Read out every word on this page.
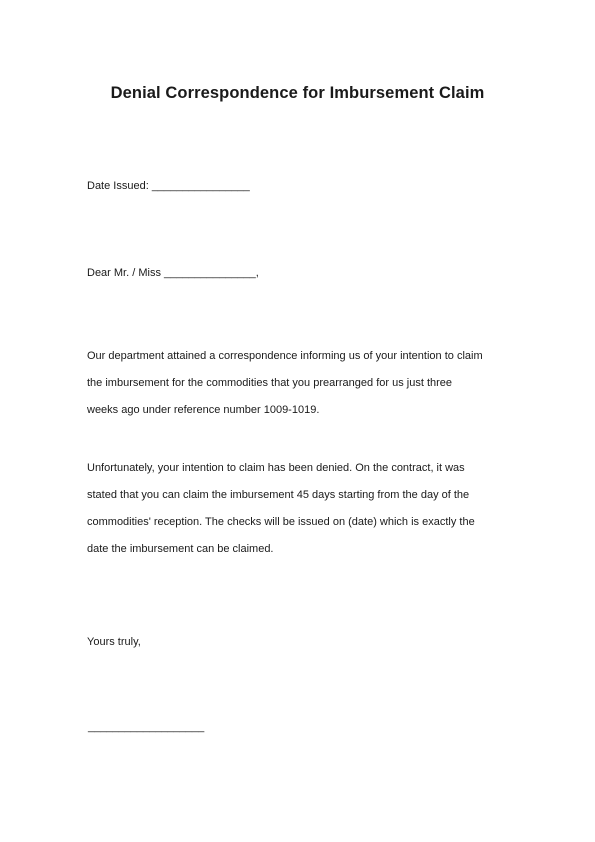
Denial Correspondence for Imbursement Claim

Date Issued: ________________

Dear Mr. / Miss _______________,

Our department attained a correspondence informing us of your intention to claim
the imbursement for the commodities that you prearranged for us just three
weeks ago under reference number 1009-1019.
Unfortunately, your intention to claim has been denied. On the contract, it was
stated that you can claim the imbursement 45 days starting from the day of the
commodities' reception. The checks will be issued on (date) which is exactly the
date the imbursement can be claimed.

Yours truly,

___________________
